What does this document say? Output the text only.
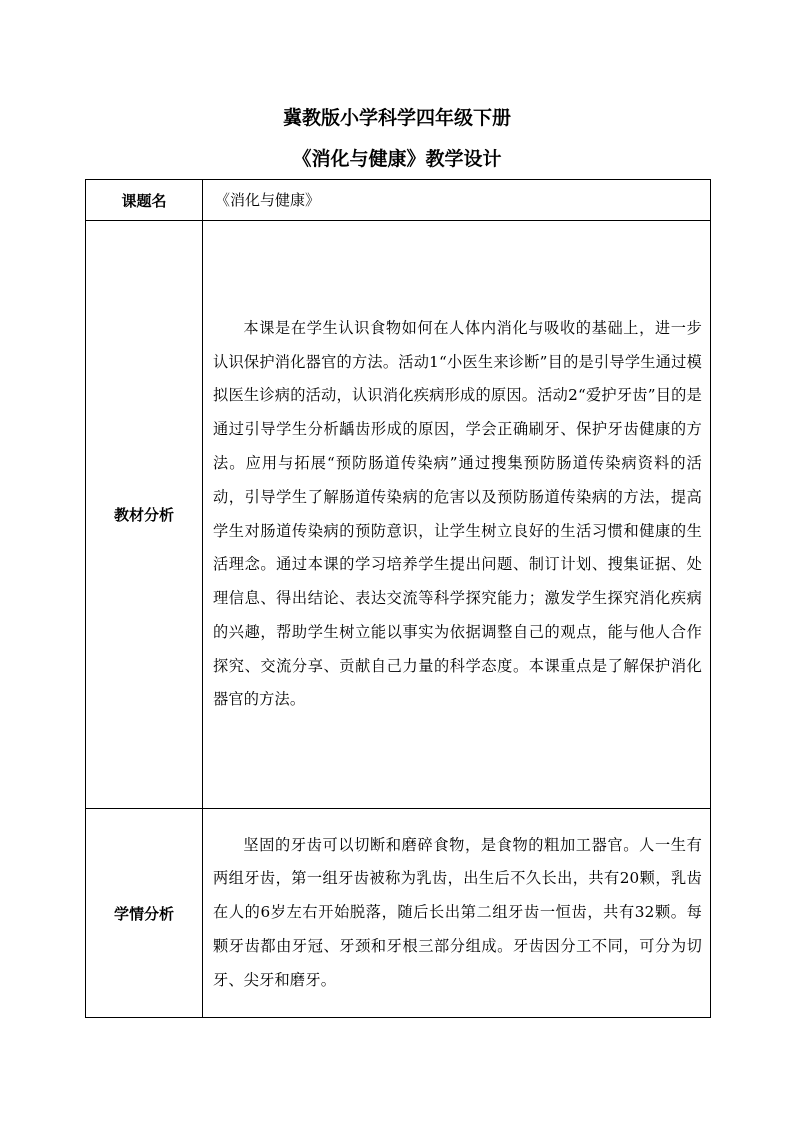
冀教版小学科学四年级下册
《消化与健康》教学设计
课题名	《消化与健康》

教材分析	本课是在学生认识食物如何在人体内消化与吸收的基础上，进一步认识保护消化器官的方法。活动1“小医生来诊断”目的是引导学生通过模拟医生诊病的活动，认识消化疾病形成的原因。活动2“爱护牙齿”目的是通过引导学生分析龋齿形成的原因，学会正确刷牙、保护牙齿健康的方法。应用与拓展“预防肠道传染病”通过搜集预防肠道传染病资料的活动，引导学生了解肠道传染病的危害以及预防肠道传染病的方法，提高学生对肠道传染病的预防意识，让学生树立良好的生活习惯和健康的生活理念。通过本课的学习培养学生提出问题、制订计划、搜集证据、处理信息、得出结论、表达交流等科学探究能力；激发学生探究消化疾病的兴趣，帮助学生树立能以事实为依据调整自己的观点，能与他人合作探究、交流分享、贡献自己力量的科学态度。本课重点是了解保护消化器官的方法。

学情分析	坚固的牙齿可以切断和磨碎食物，是食物的粗加工器官。人一生有两组牙齿，第一组牙齿被称为乳齿，出生后不久长出，共有20颗，乳齿在人的6岁左右开始脱落，随后长出第二组牙齿一恒齿，共有32颗。每颗牙齿都由牙冠、牙颈和牙根三部分组成。牙齿因分工不同，可分为切牙、尖牙和磨牙。
